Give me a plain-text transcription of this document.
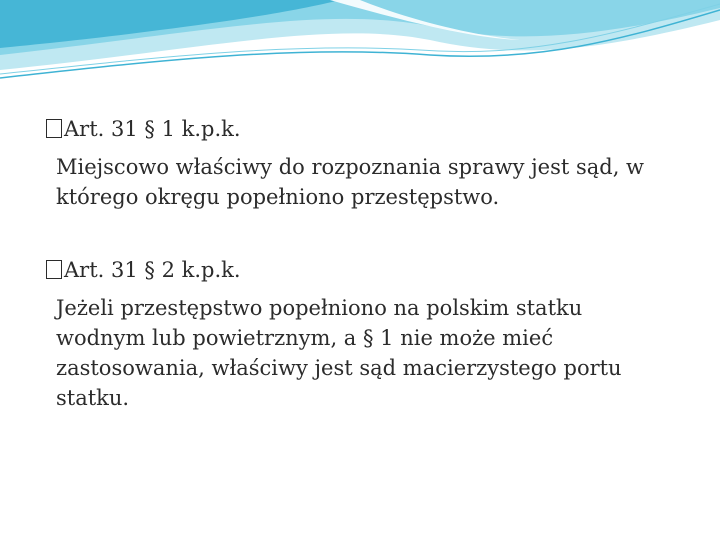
Art. 31 § 1 k.p.k.
Miejscowo właściwy do rozpoznania sprawy jest sąd, w którego okręgu popełniono przestępstwo.
Art. 31 § 2 k.p.k.
Jeżeli przestępstwo popełniono na polskim statku wodnym lub powietrznym, a § 1 nie może mieć zastosowania, właściwy jest sąd macierzystego portu statku.
